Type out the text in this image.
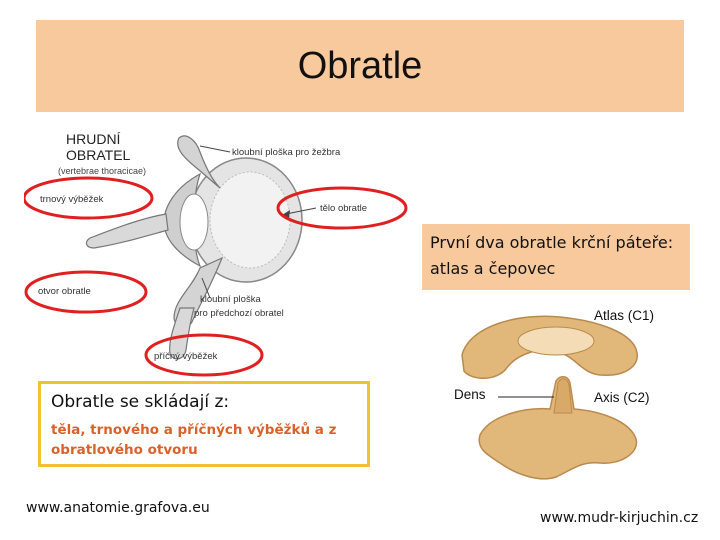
Obratle
HRUDNÍ
OBRATEL
(vertebrae thoracicae)
kloubní ploška pro žežbra
tělo obratle
trnový výběžek
otvor obratle
kloubní ploška
pro předchozí obratel
příčný výběžek
První dva obratle krční páteře: atlas a čepovec
Atlas (C1)
Dens	Axis (C2)
Obratle se skládají z:
těla, trnového a příčných výběžků a z obratlového otvoru
www.anatomie.grafova.eu
www.mudr-kirjuchin.cz
